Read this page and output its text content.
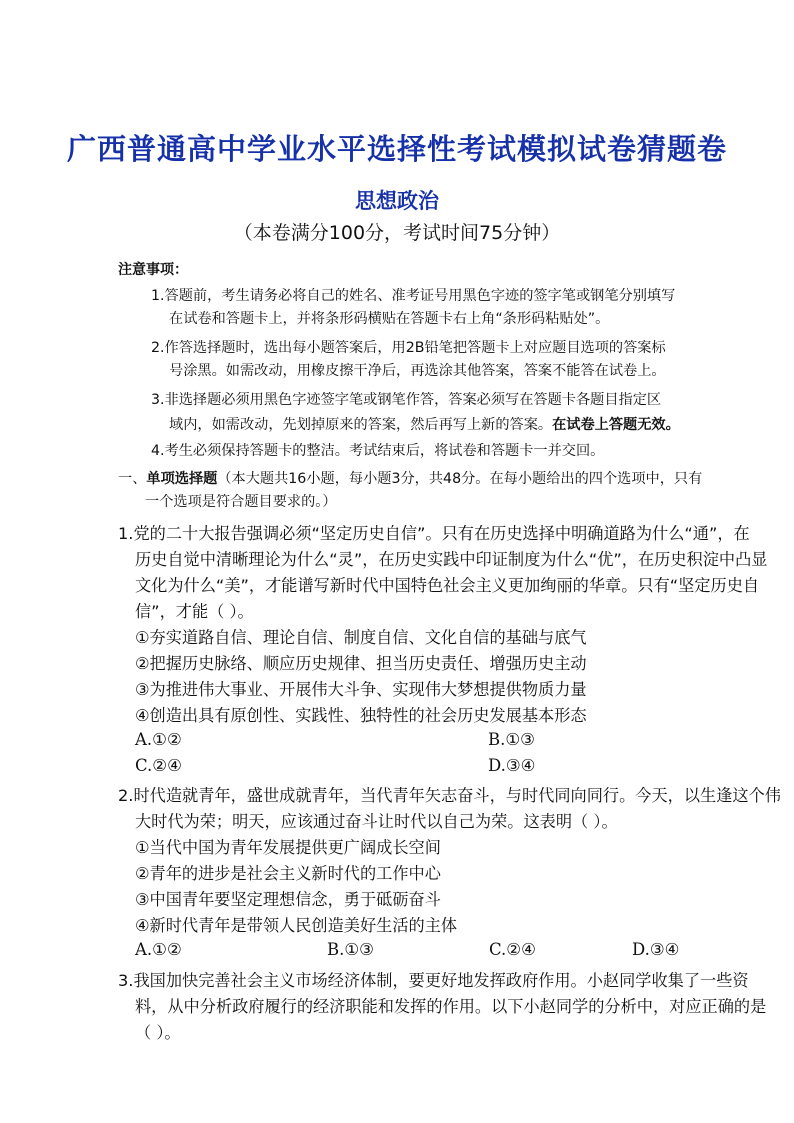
广西普通高中学业水平选择性考试模拟试卷猜题卷
思想政治
（本卷满分100分，考试时间75分钟）
注意事项：
1.答题前，考生请务必将自己的姓名、准考证号用黑色字迹的签字笔或钢笔分别填写
在试卷和答题卡上，并将条形码横贴在答题卡右上角“条形码粘贴处”。
2.作答选择题时，选出每小题答案后，用2B铅笔把答题卡上对应题目选项的答案标
号涂黑。如需改动，用橡皮擦干净后，再选涂其他答案，答案不能答在试卷上。
3.非选择题必须用黑色字迹签字笔或钢笔作答，答案必须写在答题卡各题目指定区
域内，如需改动，先划掉原来的答案，然后再写上新的答案。在试卷上答题无效。
4.考生必须保持答题卡的整洁。考试结束后，将试卷和答题卡一并交回。
一、单项选择题（本大题共16小题，每小题3分，共48分。在每小题给出的四个选项中，只有
一个选项是符合题目要求的。）
1.党的二十大报告强调必须“坚定历史自信”。只有在历史选择中明确道路为什么“通”，在
历史自觉中清晰理论为什么“灵”，在历史实践中印证制度为什么“优”，在历史积淀中凸显
文化为什么“美”，才能谱写新时代中国特色社会主义更加绚丽的华章。只有“坚定历史自
信”，才能（ ）。
①夯实道路自信、理论自信、制度自信、文化自信的基础与底气
②把握历史脉络、顺应历史规律、担当历史责任、增强历史主动
③为推进伟大事业、开展伟大斗争、实现伟大梦想提供物质力量
④创造出具有原创性、实践性、独特性的社会历史发展基本形态
A.①②	B.①③
C.②④	D.③④
2.时代造就青年，盛世成就青年，当代青年矢志奋斗，与时代同向同行。今天，以生逢这个伟
大时代为荣；明天，应该通过奋斗让时代以自己为荣。这表明（ ）。
①当代中国为青年发展提供更广阔成长空间
②青年的进步是社会主义新时代的工作中心
③中国青年要坚定理想信念，勇于砥砺奋斗
④新时代青年是带领人民创造美好生活的主体
A.①②	B.①③	C.②④	D.③④
3.我国加快完善社会主义市场经济体制，要更好地发挥政府作用。小赵同学收集了一些资
料，从中分析政府履行的经济职能和发挥的作用。以下小赵同学的分析中，对应正确的是
（ ）。
